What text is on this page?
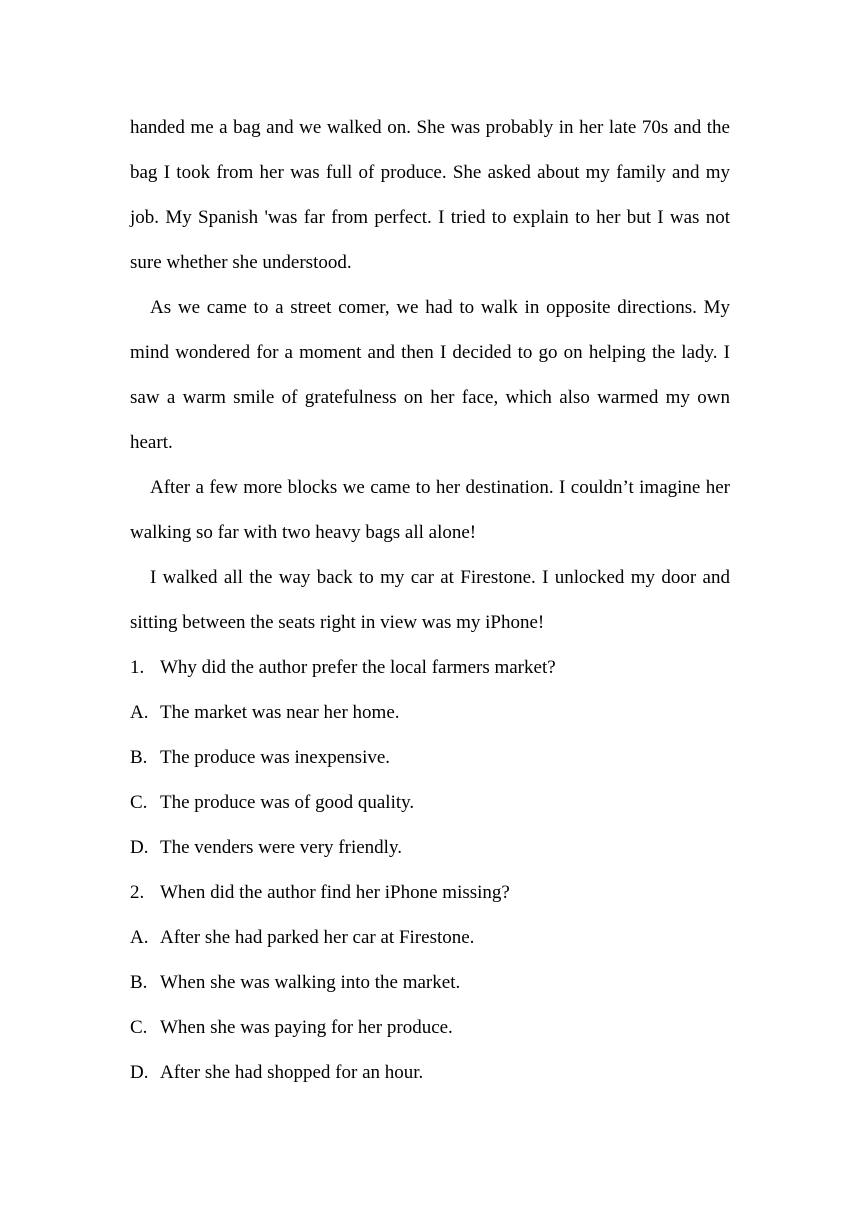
handed me a bag and we walked on. She was probably in her late 70s and the bag I took from her was full of produce. She asked about my family and my job. My Spanish 'was far from perfect. I tried to explain to her but I was not sure whether she understood.

As we came to a street comer, we had to walk in opposite directions. My mind wondered for a moment and then I decided to go on helping the lady. I saw a warm smile of gratefulness on her face, which also warmed my own heart.

After a few more blocks we came to her destination. I couldn’t imagine her walking so far with two heavy bags all alone!

I walked all the way back to my car at Firestone. I unlocked my door and sitting between the seats right in view was my iPhone!

1. Why did the author prefer the local farmers market?
A. The market was near her home.
B. The produce was inexpensive.
C. The produce was of good quality.
D. The venders were very friendly.
2. When did the author find her iPhone missing?
A. After she had parked her car at Firestone.
B. When she was walking into the market.
C. When she was paying for her produce.
D. After she had shopped for an hour.
